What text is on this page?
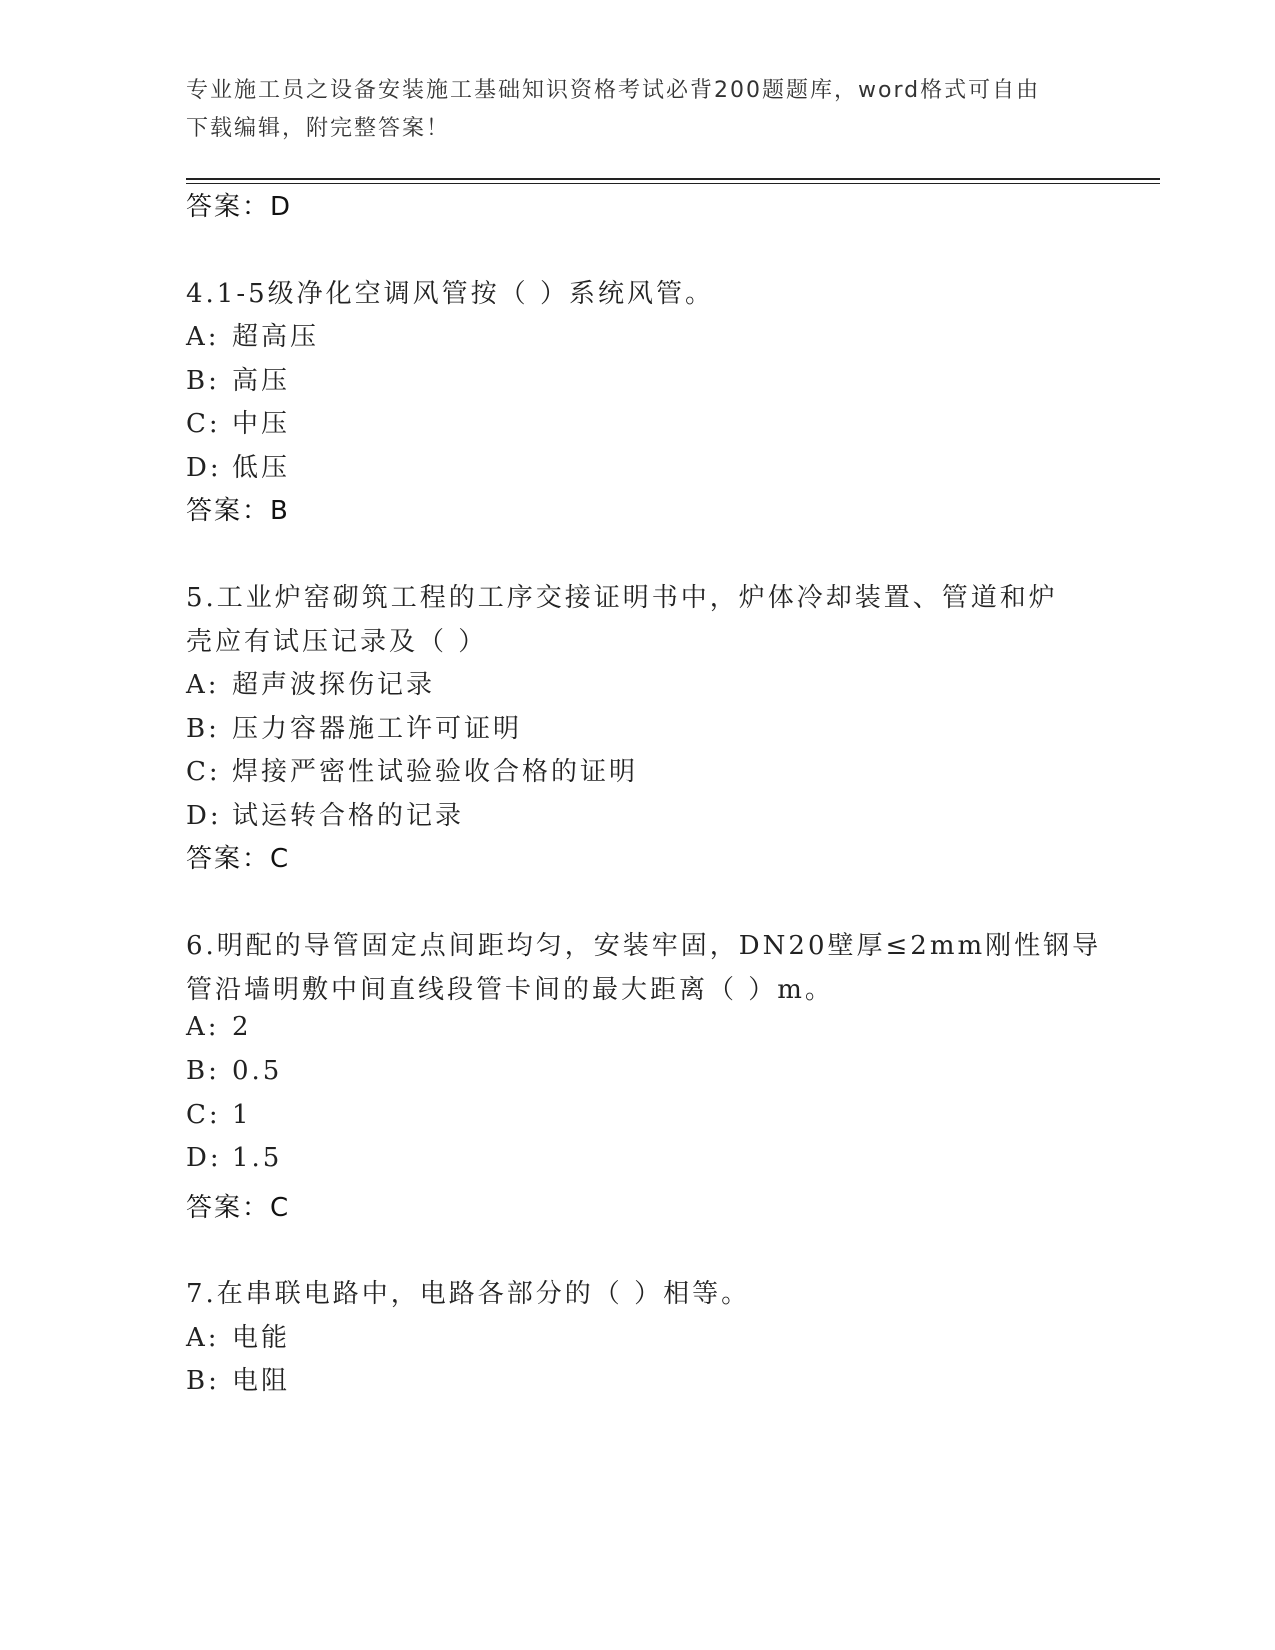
专业施工员之设备安装施工基础知识资格考试必背200题题库，word格式可自由
下载编辑，附完整答案！
答案：D
4.1-5级净化空调风管按（ ）系统风管。
A: 超高压
B: 高压
C: 中压
D: 低压
答案：B
5.工业炉窑砌筑工程的工序交接证明书中，炉体冷却装置、管道和炉
壳应有试压记录及（ ）
A: 超声波探伤记录
B: 压力容器施工许可证明
C: 焊接严密性试验验收合格的证明
D: 试运转合格的记录
答案：C
6.明配的导管固定点间距均匀，安装牢固，DN20壁厚≤2mm刚性钢导
管沿墙明敷中间直线段管卡间的最大距离（ ）m。
A: 2
B: 0.5
C: 1
D: 1.5
答案：C
7.在串联电路中，电路各部分的（ ）相等。
A: 电能
B: 电阻
